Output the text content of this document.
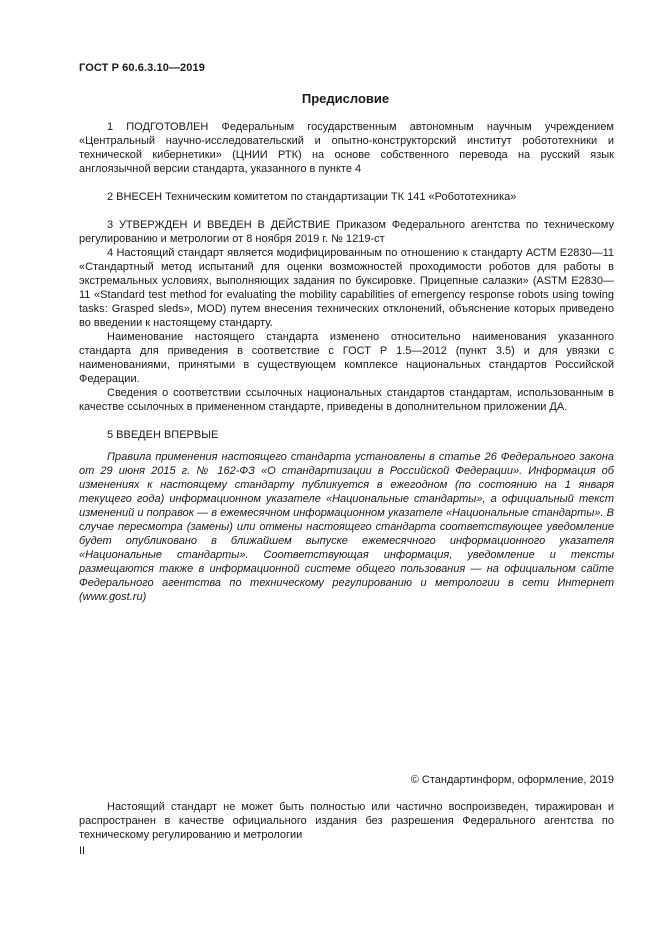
ГОСТ Р 60.6.3.10—2019
Предисловие

1 ПОДГОТОВЛЕН Федеральным государственным автономным научным учреждением «Центральный научно-исследовательский и опытно-конструкторский институт робототехники и технической кибернетики» (ЦНИИ РТК) на основе собственного перевода на русский язык англоязычной версии стандарта, указанного в пункте 4

2 ВНЕСЕН Техническим комитетом по стандартизации ТК 141 «Робототехника»

3 УТВЕРЖДЕН И ВВЕДЕН В ДЕЙСТВИЕ Приказом Федерального агентства по техническому регулированию и метрологии от 8 ноября 2019 г. № 1219-ст

4 Настоящий стандарт является модифицированным по отношению к стандарту АСТМ Е2830—11 «Стандартный метод испытаний для оценки возможностей проходимости роботов для работы в экстремальных условиях, выполняющих задания по буксировке. Прицепные салазки» (ASTM E2830—11 «Standard test method for evaluating the mobility capabilities of emergency response robots using towing tasks: Grasped sleds», MOD) путем внесения технических отклонений, объяснение которых приведено во введении к настоящему стандарту.

Наименование настоящего стандарта изменено относительно наименования указанного стандарта для приведения в соответствие с ГОСТ Р 1.5—2012 (пункт 3.5) и для увязки с наименованиями, принятыми в существующем комплексе национальных стандартов Российской Федерации.

Сведения о соответствии ссылочных национальных стандартов стандартам, использованным в качестве ссылочных в примененном стандарте, приведены в дополнительном приложении ДА.

5 ВВЕДЕН ВПЕРВЫЕ

Правила применения настоящего стандарта установлены в статье 26 Федерального закона от 29 июня 2015 г. № 162-ФЗ «О стандартизации в Российской Федерации». Информация об изменениях к настоящему стандарту публикуется в ежегодном (по состоянию на 1 января текущего года) информационном указателе «Национальные стандарты», а официальный текст изменений и поправок — в ежемесячном информационном указателе «Национальные стандарты». В случае пересмотра (замены) или отмены настоящего стандарта соответствующее уведомление будет опубликовано в ближайшем выпуске ежемесячного информационного указателя «Национальные стандарты». Соответствующая информация, уведомление и тексты размещаются также в информационной системе общего пользования — на официальном сайте Федерального агентства по техническому регулированию и метрологии в сети Интернет (www.gost.ru)
© Стандартинформ, оформление, 2019
Настоящий стандарт не может быть полностью или частично воспроизведен, тиражирован и распространен в качестве официального издания без разрешения Федерального агентства по техническому регулированию и метрологии
II
